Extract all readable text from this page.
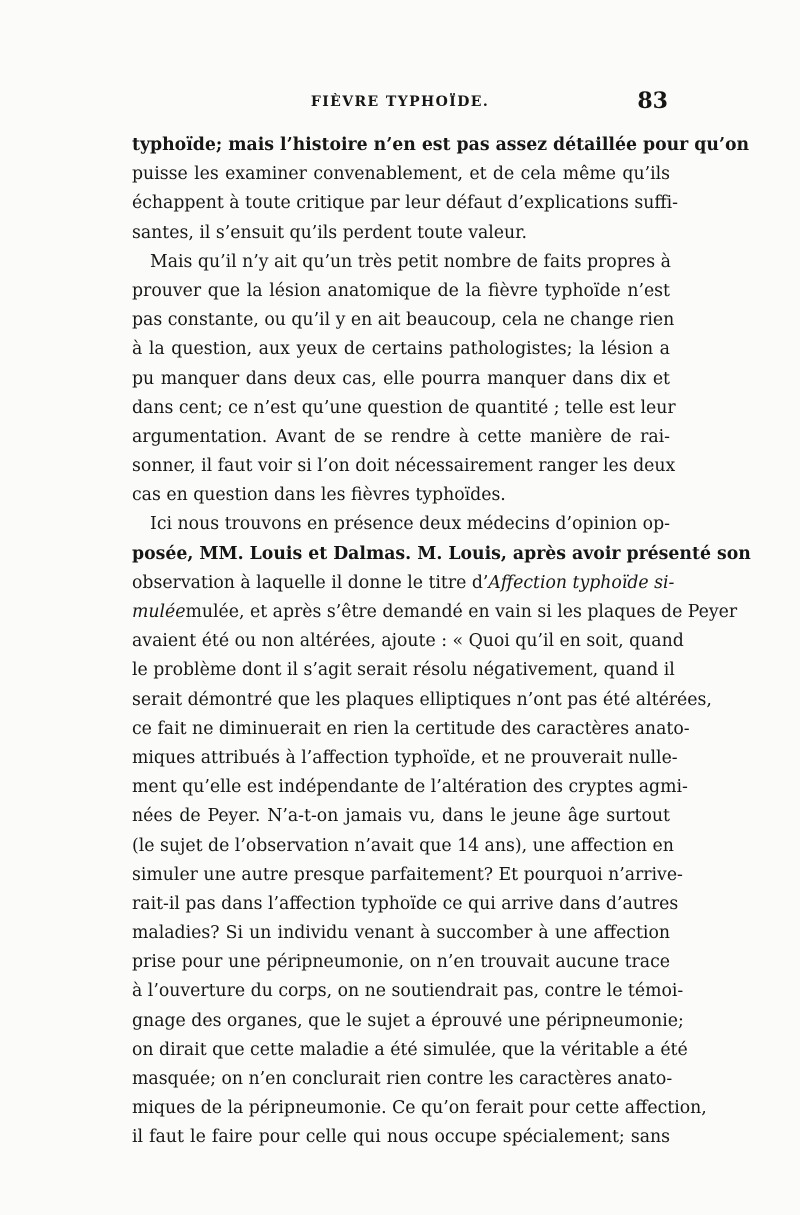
FIÈVRE TYPHOÏDE.	83
typhoïde; mais l’histoire n’en est pas assez détaillée pour qu’on
puisse les examiner convenablement, et de cela même qu’ils
échappent à toute critique par leur défaut d’explications suffi-
santes, il s’ensuit qu’ils perdent toute valeur.
Mais qu’il n’y ait qu’un très petit nombre de faits propres à
prouver que la lésion anatomique de la fièvre typhoïde n’est
pas constante, ou qu’il y en ait beaucoup, cela ne change rien
à la question, aux yeux de certains pathologistes; la lésion a
pu manquer dans deux cas, elle pourra manquer dans dix et
dans cent; ce n’est qu’une question de quantité ; telle est leur
argumentation. Avant de se rendre à cette manière de rai-
sonner, il faut voir si l’on doit nécessairement ranger les deux
cas en question dans les fièvres typhoïdes.
Ici nous trouvons en présence deux médecins d’opinion op-
posée, MM. Louis et Dalmas. M. Louis, après avoir présenté son
observation à laquelle il donne le titre d’Affection typhoïde si-
muléemulée, et après s’être demandé en vain si les plaques de Peyer
avaient été ou non altérées, ajoute : « Quoi qu’il en soit, quand
le problème dont il s’agit serait résolu négativement, quand il
serait démontré que les plaques elliptiques n’ont pas été altérées,
ce fait ne diminuerait en rien la certitude des caractères anato-
miques attribués à l’affection typhoïde, et ne prouverait nulle-
ment qu’elle est indépendante de l’altération des cryptes agmi-
nées de Peyer. N’a-t-on jamais vu, dans le jeune âge surtout
(le sujet de l’observation n’avait que 14 ans), une affection en
simuler une autre presque parfaitement? Et pourquoi n’arrive-
rait-il pas dans l’affection typhoïde ce qui arrive dans d’autres
maladies? Si un individu venant à succomber à une affection
prise pour une péripneumonie, on n’en trouvait aucune trace
à l’ouverture du corps, on ne soutiendrait pas, contre le témoi-
gnage des organes, que le sujet a éprouvé une péripneumonie;
on dirait que cette maladie a été simulée, que la véritable a été
masquée; on n’en conclurait rien contre les caractères anato-
miques de la péripneumonie. Ce qu’on ferait pour cette affection,
il faut le faire pour celle qui nous occupe spécialement; sans
